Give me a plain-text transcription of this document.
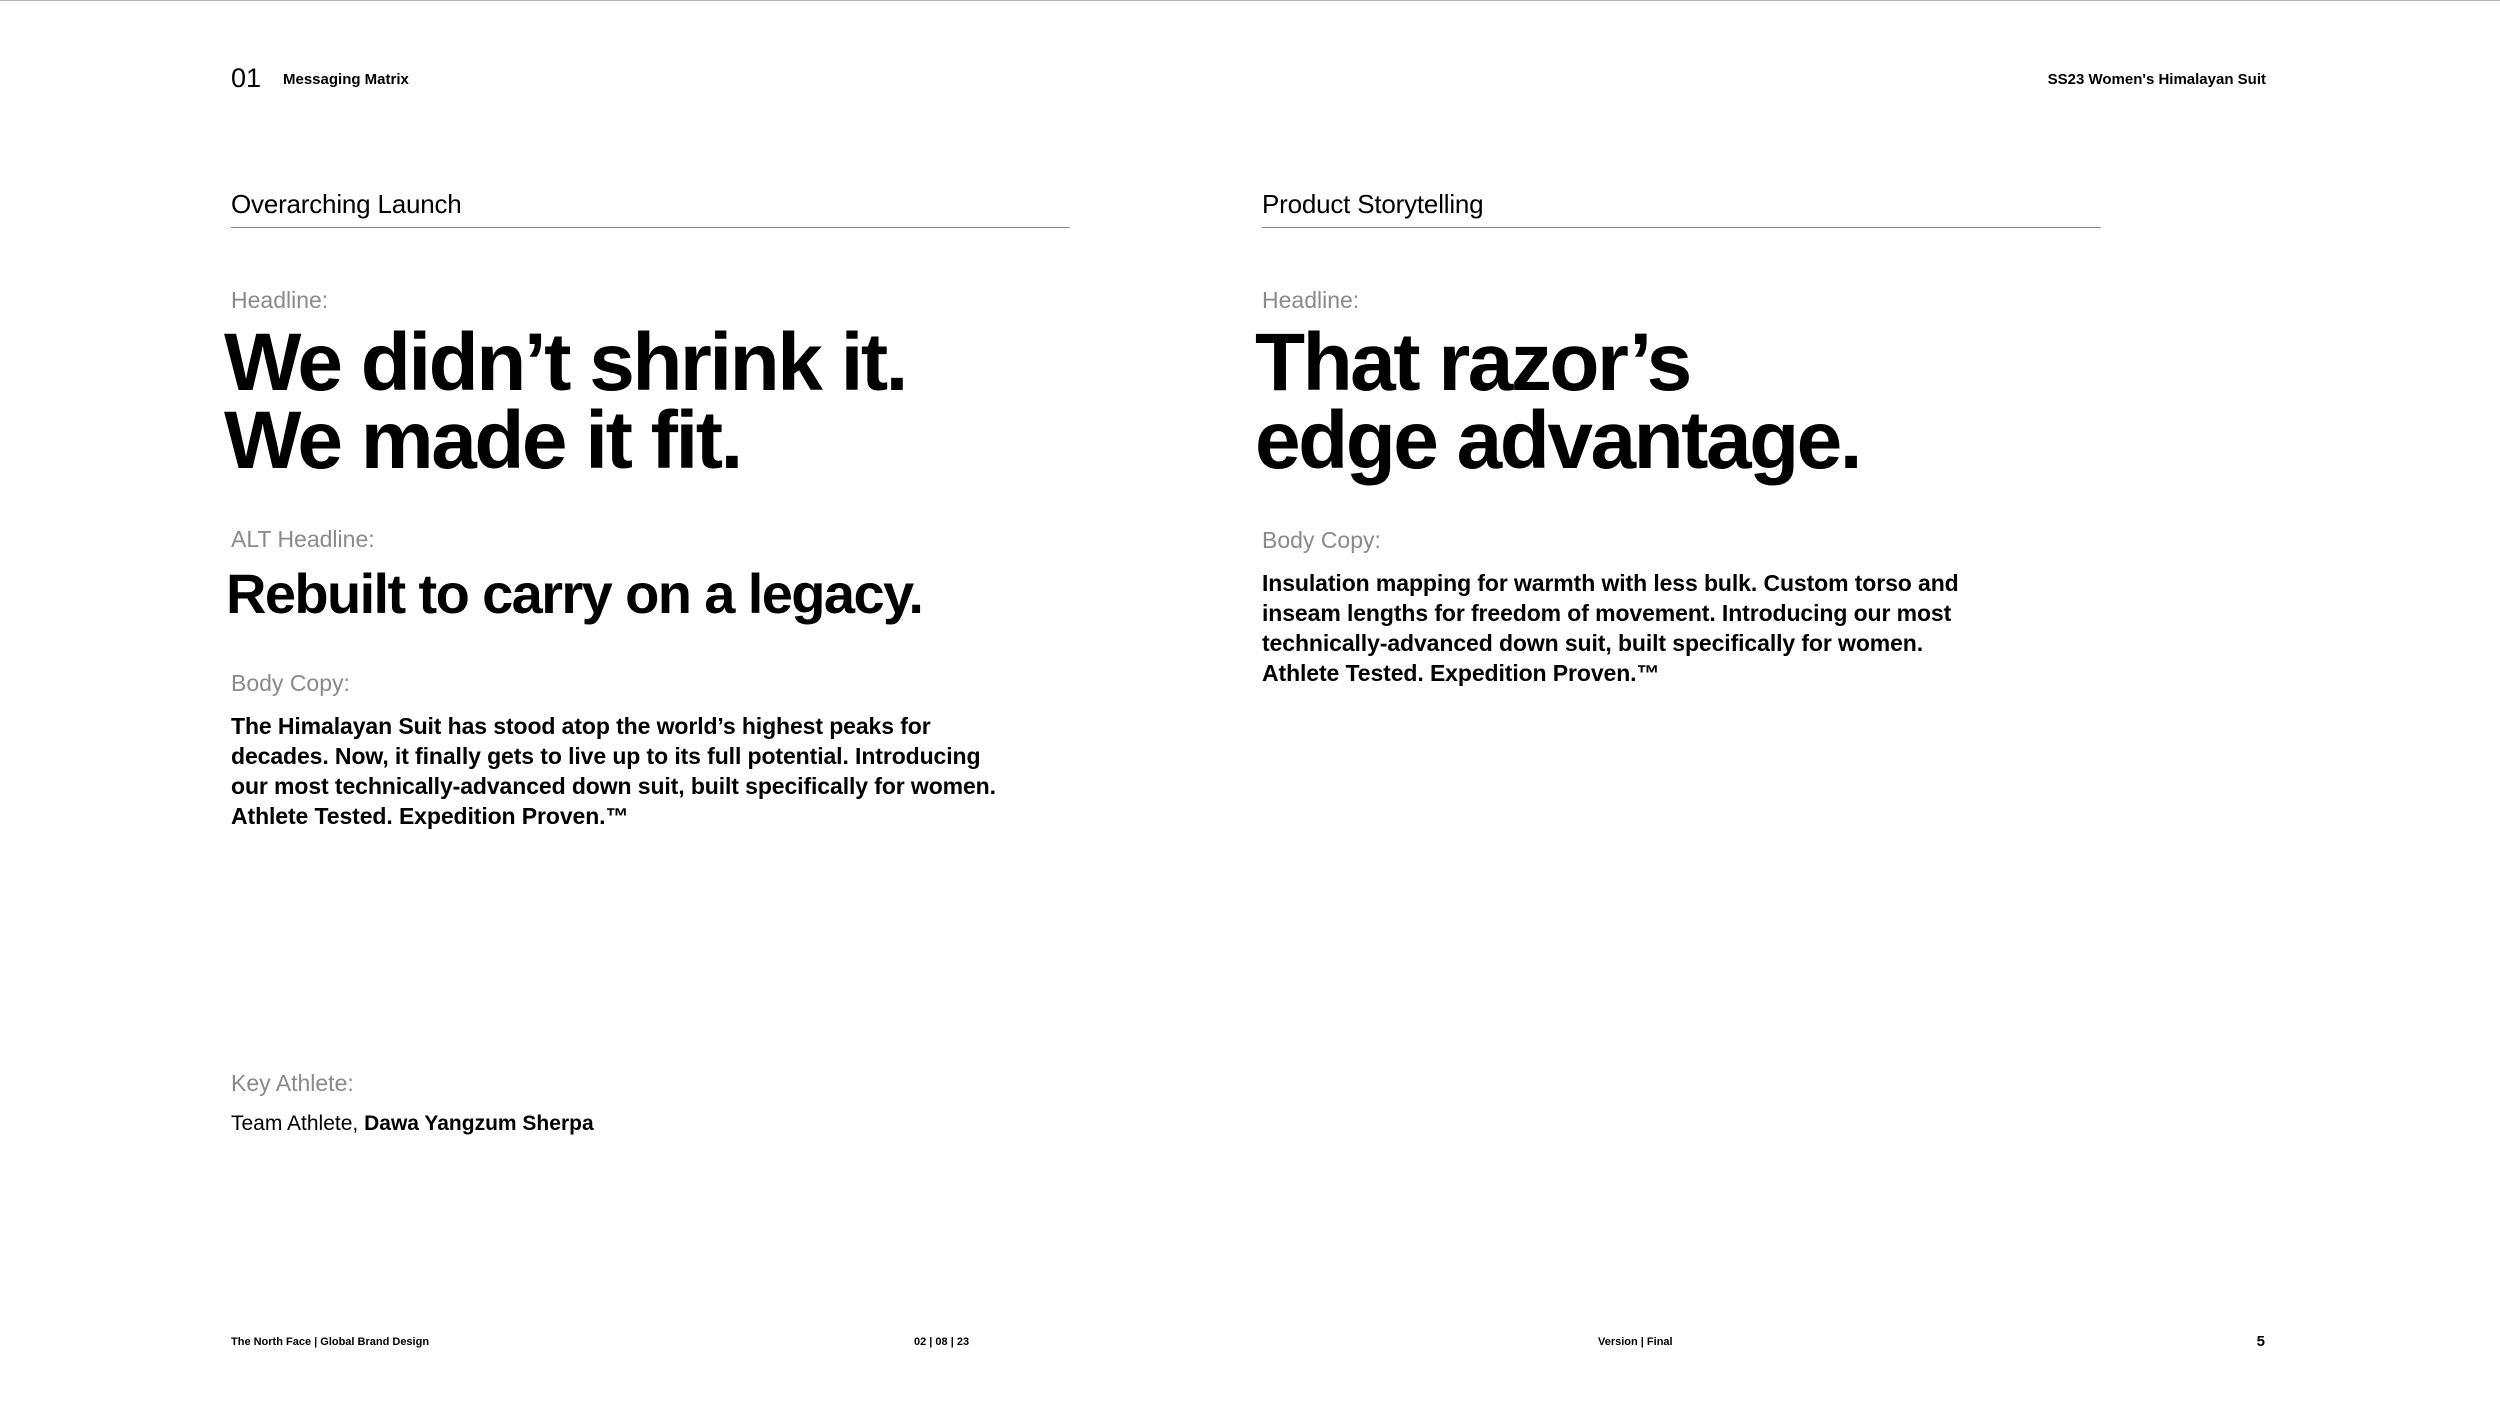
01 Messaging Matrix	SS23 Women's Himalayan Suit
Overarching Launch
Headline:
We didn’t shrink it.
We made it fit.
ALT Headline:
Rebuilt to carry on a legacy.
Body Copy:
The Himalayan Suit has stood atop the world’s highest peaks for
decades. Now, it finally gets to live up to its full potential. Introducing
our most technically-advanced down suit, built specifically for women.
Athlete Tested. Expedition Proven.™
Key Athlete:
Team Athlete, Dawa Yangzum Sherpa
Product Storytelling
Headline:
That razor’s
edge advantage.
Body Copy:
Insulation mapping for warmth with less bulk. Custom torso and
inseam lengths for freedom of movement. Introducing our most
technically-advanced down suit, built specifically for women.
Athlete Tested. Expedition Proven.™
The North Face | Global Brand Design	02 | 08 | 23	Version | Final	5
